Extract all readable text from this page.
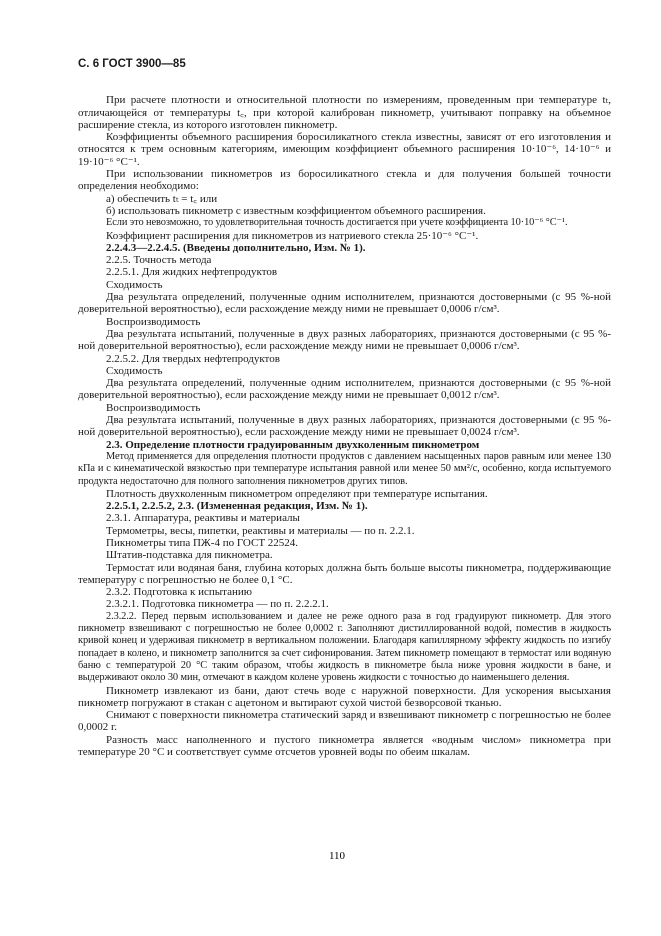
С. 6 ГОСТ 3900—85

При расчете плотности и относительной плотности по измерениям, проведенным при температуре tₜ, отличающейся от температуры t꜀, при которой калиброван пикнометр, учитывают поправку на объемное расширение стекла, из которого изготовлен пикнометр.

Коэффициенты объемного расширения боросиликатного стекла известны, зависят от его изготовления и относятся к трем основным категориям, имеющим коэффициент объемного расширения 10·10⁻⁶, 14·10⁻⁶ и 19·10⁻⁶ °С⁻¹.

При использовании пикнометров из боросиликатного стекла и для получения большей точности определения необходимо:

а) обеспечить tₜ = t꜀ или

б) использовать пикнометр с известным коэффициентом объемного расширения.

Если это невозможно, то удовлетворительная точность достигается при учете коэффициента 10·10⁻⁶ °С⁻¹.

Коэффициент расширения для пикнометров из натриевого стекла 25·10⁻⁶ °С⁻¹.

2.2.4.3—2.2.4.5. (Введены дополнительно, Изм. № 1).

2.2.5. Точность метода

2.2.5.1. Для жидких нефтепродуктов

Сходимость

Два результата определений, полученные одним исполнителем, признаются достоверными (с 95 %-ной доверительной вероятностью), если расхождение между ними не превышает 0,0006 г/см³.

Воспроизводимость

Два результата испытаний, полученные в двух разных лабораториях, признаются достоверными (с 95 %-ной доверительной вероятностью), если расхождение между ними не превышает 0,0006 г/см³.

2.2.5.2. Для твердых нефтепродуктов

Сходимость

Два результата определений, полученные одним исполнителем, признаются достоверными (с 95 %-ной доверительной вероятностью), если расхождение между ними не превышает 0,0012 г/см³.

Воспроизводимость

Два результата испытаний, полученные в двух разных лабораториях, признаются достоверными (с 95 %-ной доверительной вероятностью), если расхождение между ними не превышает 0,0024 г/см³.

2.3. Определение плотности градуированным двухколенным пикнометром

Метод применяется для определения плотности продуктов с давлением насыщенных паров равным или менее 130 кПа и с кинематической вязкостью при температуре испытания равной или менее 50 мм²/с, особенно, когда испытуемого продукта недостаточно для полного заполнения пикнометров других типов.

Плотность двухколенным пикнометром определяют при температуре испытания.

2.2.5.1, 2.2.5.2, 2.3. (Измененная редакция, Изм. № 1).

2.3.1. Аппаратура, реактивы и материалы

Термометры, весы, пипетки, реактивы и материалы — по п. 2.2.1.

Пикнометры типа ПЖ-4 по ГОСТ 22524.

Штатив-подставка для пикнометра.

Термостат или водяная баня, глубина которых должна быть больше высоты пикнометра, поддерживающие температуру с погрешностью не более 0,1 °С.

2.3.2. Подготовка к испытанию

2.3.2.1. Подготовка пикнометра — по п. 2.2.2.1.

2.3.2.2. Перед первым использованием и далее не реже одного раза в год градуируют пикнометр. Для этого пикнометр взвешивают с погрешностью не более 0,0002 г. Заполняют дистиллированной водой, поместив в жидкость кривой конец и удерживая пикнометр в вертикальном положении. Благодаря капиллярному эффекту жидкость по изгибу попадает в колено, и пикнометр заполнится за счет сифонирования. Затем пикнометр помещают в термостат или водяную баню с температурой 20 °С таким образом, чтобы жидкость в пикнометре была ниже уровня жидкости в бане, и выдерживают около 30 мин, отмечают в каждом колене уровень жидкости с точностью до наименьшего деления.

Пикнометр извлекают из бани, дают стечь воде с наружной поверхности. Для ускорения высыхания пикнометр погружают в стакан с ацетоном и вытирают сухой чистой безворсовой тканью.

Снимают с поверхности пикнометра статический заряд и взвешивают пикнометр с погрешностью не более 0,0002 г.

Разность масс наполненного и пустого пикнометра является «водным числом» пикнометра при температуре 20 °С и соответствует сумме отсчетов уровней воды по обеим шкалам.

110
